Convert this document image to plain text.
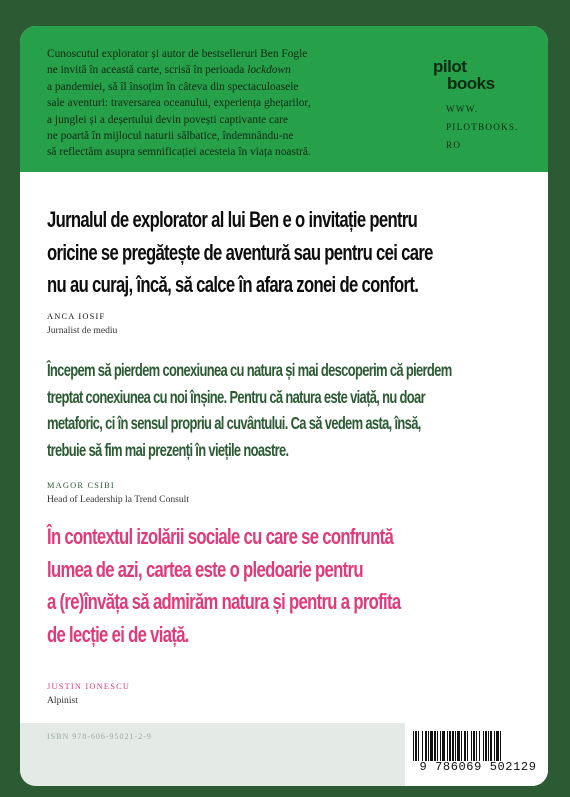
Cunoscutul explorator și autor de bestselleruri Ben Fogle
ne invită în această carte, scrisă în perioada lockdown
a pandemiei, să îl însoțim în câteva din spectaculoasele
sale aventuri: traversarea oceanului, experiența ghețarilor,
a junglei și a deșertului devin povești captivante care
ne poartă în mijlocul naturii sălbatice, îndemnându-ne
să reflectăm asupra semnificației acesteia în viața noastră.

pilot
books
WWW.
PILOTBOOKS.
RO
Jurnalul de explorator al lui Ben e o invitație pentru
oricine se pregătește de aventură sau pentru cei care
nu au curaj, încă, să calce în afara zonei de confort.
ANCA IOSIF
Jurnalist de mediu
Începem să pierdem conexiunea cu natura și mai descoperim că pierdem
treptat conexiunea cu noi înșine. Pentru că natura este viață, nu doar
metaforic, ci în sensul propriu al cuvântului. Ca să vedem asta, însă,
trebuie să fim mai prezenți în viețile noastre.
MAGOR CSIBI
Head of Leadership la Trend Consult
În contextul izolării sociale cu care se confruntă
lumea de azi, cartea este o pledoarie pentru
a (re)învăța să admirăm natura și pentru a profita
de lecție ei de viață.
JUSTIN IONESCU
Alpinist
ISBN 978-606-95021-2-9
9 786069 502129
